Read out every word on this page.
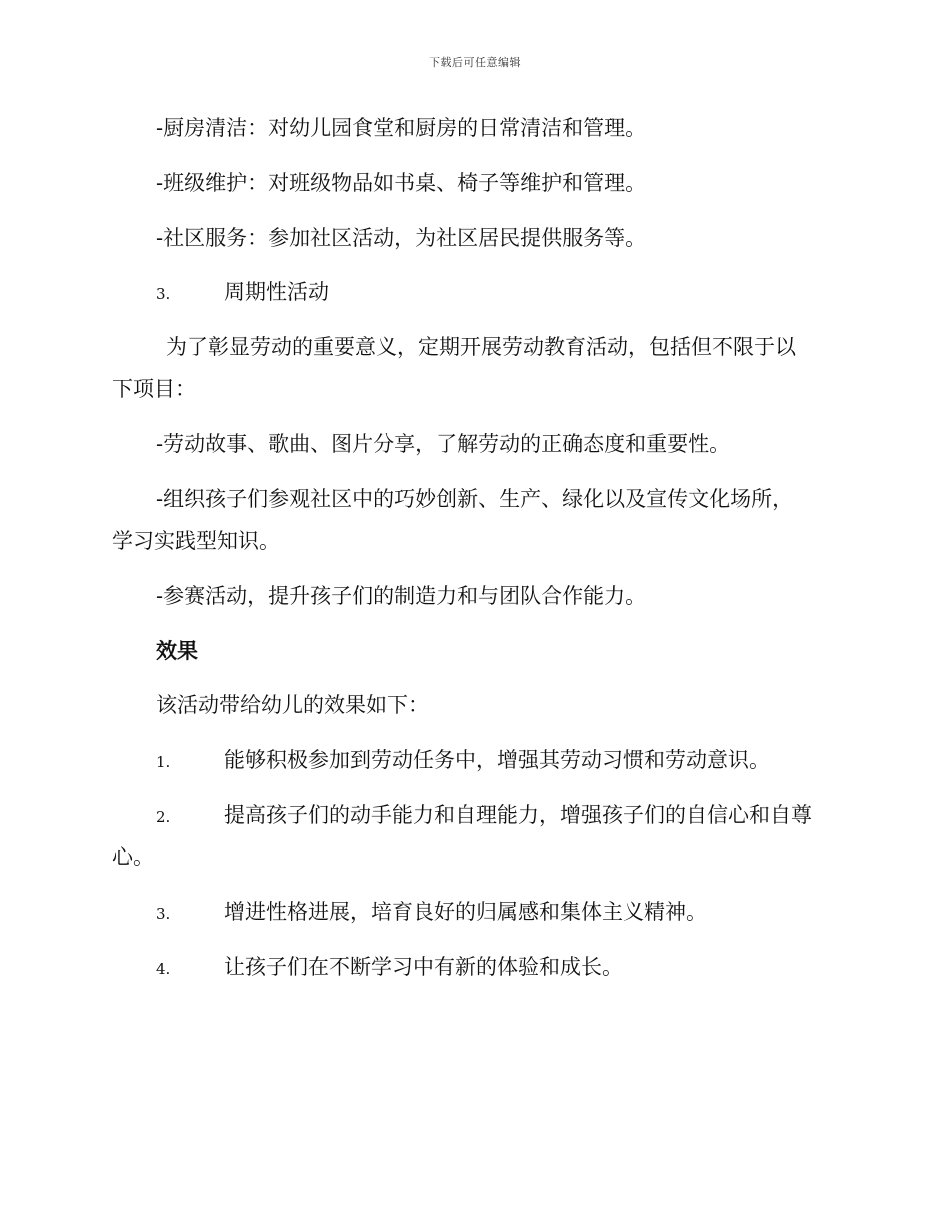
下载后可任意编辑
-厨房清洁：对幼儿园食堂和厨房的日常清洁和管理。
-班级维护：对班级物品如书桌、椅子等维护和管理。
-社区服务：参加社区活动，为社区居民提供服务等。
3.	周期性活动
为了彰显劳动的重要意义，定期开展劳动教育活动，包括但不限于以
下项目：
-劳动故事、歌曲、图片分享，了解劳动的正确态度和重要性。
-组织孩子们参观社区中的巧妙创新、生产、绿化以及宣传文化场所，
学习实践型知识。
-参赛活动，提升孩子们的制造力和与团队合作能力。
效果
该活动带给幼儿的效果如下：
1.	能够积极参加到劳动任务中，增强其劳动习惯和劳动意识。
2.	提高孩子们的动手能力和自理能力，增强孩子们的自信心和自尊
心。
3.	增进性格进展，培育良好的归属感和集体主义精神。
4.	让孩子们在不断学习中有新的体验和成长。
